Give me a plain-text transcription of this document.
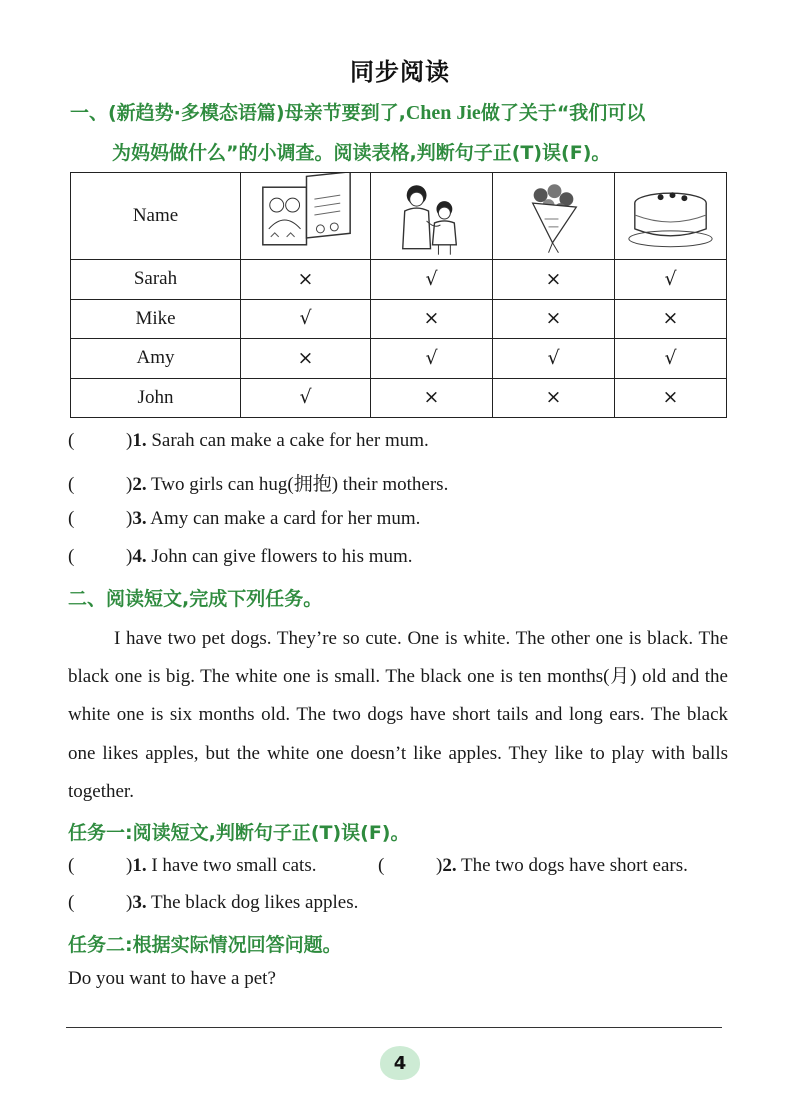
同步阅读
一、(新趋势·多模态语篇)母亲节要到了,Chen Jie做了关于“我们可以
为妈妈做什么”的小调查。阅读表格,判断句子正(T)误(F)。
Name	

Sarah	×	√	×	√
Mike	√	×	×	×
Amy	×	√	√	√
John	√	×	×	×
(	)1. Sarah can make a cake for her mum.
(	)2. Two girls can hug(拥抱) their mothers.
(	)3. Amy can make a card for her mum.
(	)4. John can give flowers to his mum.
二、阅读短文,完成下列任务。

I have two pet dogs. They’re so cute. One is white. The other one is black. The black one is big. The white one is small. The black one is ten months(月) old and the white one is six months old. The two dogs have short tails and long ears. The black one likes apples, but the white one doesn’t like apples. They like to play with balls together.

任务一:阅读短文,判断句子正(T)误(F)。
(	)1. I have two small cats.	(	)2. The two dogs have short ears.
(	)3. The black dog likes apples.
任务二:根据实际情况回答问题。
Do you want to have a pet?
4
